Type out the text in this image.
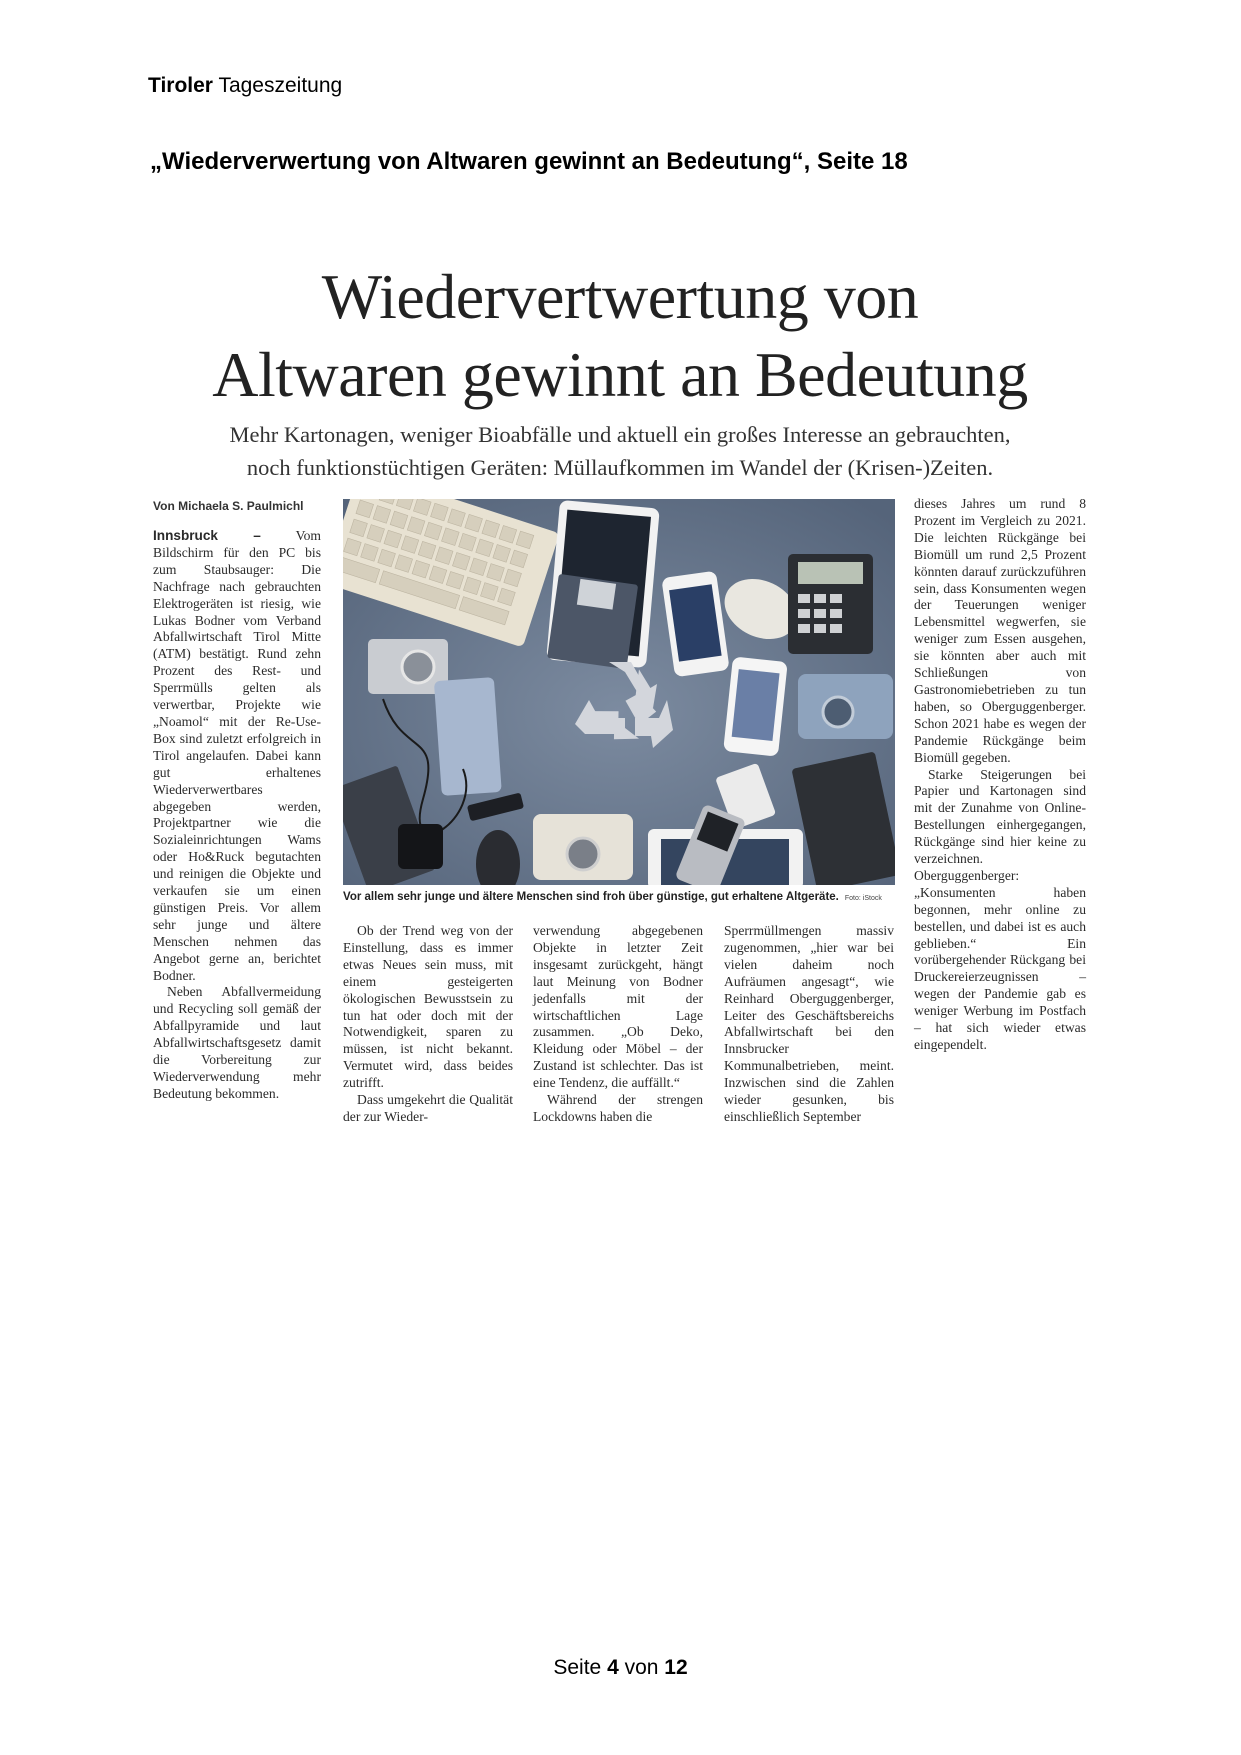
Tiroler Tageszeitung
„Wiederverwertung von Altwaren gewinnt an Bedeutung“, Seite 18
Wiedervertwertung von
Altwaren gewinnt an Bedeutung
Mehr Kartonagen, weniger Bioabfälle und aktuell ein großes Interesse an gebrauchten,
noch funktionstüchtigen Geräten: Müllaufkommen im Wandel der (Krisen-)Zeiten.
Von Michaela S. Paulmichl

Innsbruck –	Vom Bildschirm für den PC bis zum Staubsauger: Die Nachfrage nach gebrauchten Elektrogeräten ist riesig, wie Lukas Bodner vom Verband Abfallwirtschaft Tirol Mitte (ATM) bestätigt. Rund zehn Prozent des Rest- und Sperrmülls gelten als verwertbar, Projekte wie „Noamol“ mit der Re-Use-Box sind zuletzt erfolgreich in Tirol angelaufen. Dabei kann gut erhaltenes Wiederverwertbares abgegeben werden, Projektpartner wie die Sozialeinrichtungen Wams oder Ho&Ruck begutachten und reinigen die Objekte und verkaufen sie um einen günstigen Preis. Vor allem sehr junge und ältere Menschen nehmen das Angebot gerne an, berichtet Bodner.

Neben Abfallvermeidung und Recycling soll gemäß der Abfallpyramide und laut Abfallwirtschaftsgesetz damit die Vorbereitung zur Wiederverwendung mehr Bedeutung bekommen.

Vor allem sehr junge und ältere Menschen sind froh über günstige, gut erhaltene Altgeräte. Foto: iStock

Ob der Trend weg von der Einstellung, dass es immer etwas Neues sein muss, mit einem gesteigerten ökologischen Bewusstsein zu tun hat oder doch mit der Notwendigkeit, sparen zu müssen, ist nicht bekannt. Vermutet wird, dass beides zutrifft.

Dass umgekehrt die Qualität der zur Wieder-

verwendung abgegebenen Objekte in letzter Zeit insgesamt zurückgeht, hängt laut Meinung von Bodner jedenfalls mit der wirtschaftlichen Lage zusammen. „Ob Deko, Kleidung oder Möbel – der Zustand ist schlechter. Das ist eine Tendenz, die auffällt.“

Während der strengen Lockdowns haben die

Sperrmüllmengen massiv zugenommen, „hier war bei vielen daheim noch Aufräumen angesagt“, wie Reinhard Oberguggenberger, Leiter des Geschäftsbereichs Abfallwirtschaft bei den Innsbrucker Kommunalbetrieben, meint. Inzwischen sind die Zahlen wieder gesunken, bis einschließlich September

dieses Jahres um rund 8 Prozent im Vergleich zu 2021. Die leichten Rückgänge bei Biomüll um rund 2,5 Prozent könnten darauf zurückzuführen sein, dass Konsumenten wegen der Teuerungen weniger Lebensmittel wegwerfen, sie weniger zum Essen ausgehen, sie könnten aber auch mit Schließungen von Gastronomiebetrieben zu tun haben, so Oberguggenberger. Schon 2021 habe es wegen der Pandemie Rückgänge beim Biomüll gegeben.

Starke Steigerungen bei Papier und Kartonagen sind mit der Zunahme von Online-Bestellungen einhergegangen, Rückgänge sind hier keine zu verzeichnen. Oberguggenberger: „Konsumenten haben begonnen, mehr online zu bestellen, und dabei ist es auch geblieben.“ Ein vorübergehender Rückgang bei Druckereierzeugnissen – wegen der Pandemie gab es weniger Werbung im Postfach – hat sich wieder etwas eingependelt.

Seite 4 von 12
